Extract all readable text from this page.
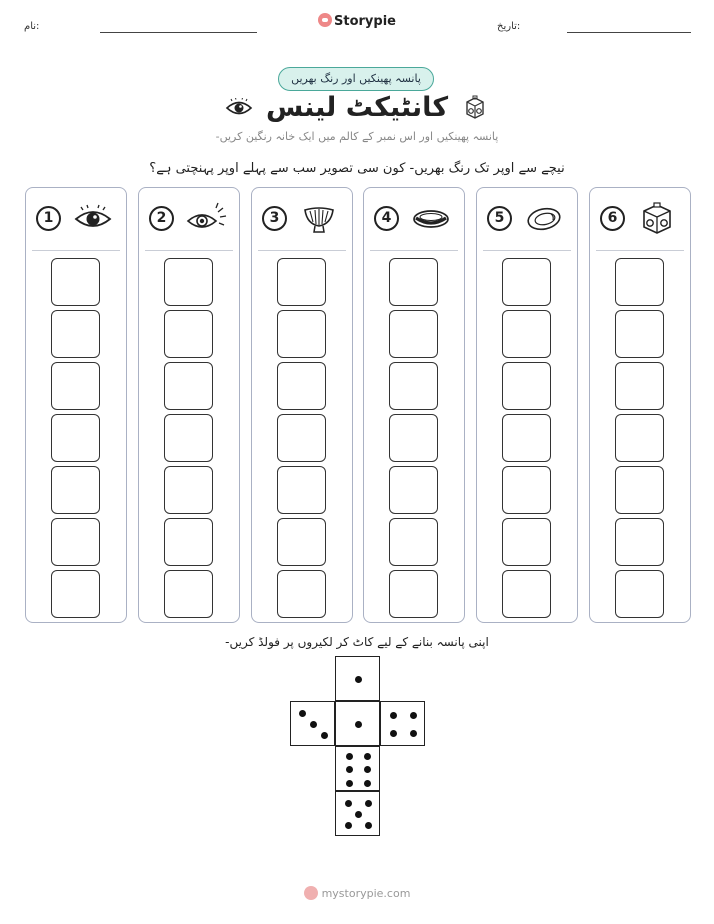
نام:	Storypie	تاریخ:
پانسہ پھینکیں اور رنگ بھریں
کانٹیکٹ لینس
پانسہ پھینکیں اور اس نمبر کے کالم میں ایک خانہ رنگین کریں-
نیچے سے اوپر تک رنگ بھریں- کون سی تصویر سب سے پہلے اوپر پہنچتی ہے؟
1	2	3	4	5	6
اپنی پانسہ بنانے کے لیے کاٹ کر لکیروں پر فولڈ کریں-
mystorypie.com
